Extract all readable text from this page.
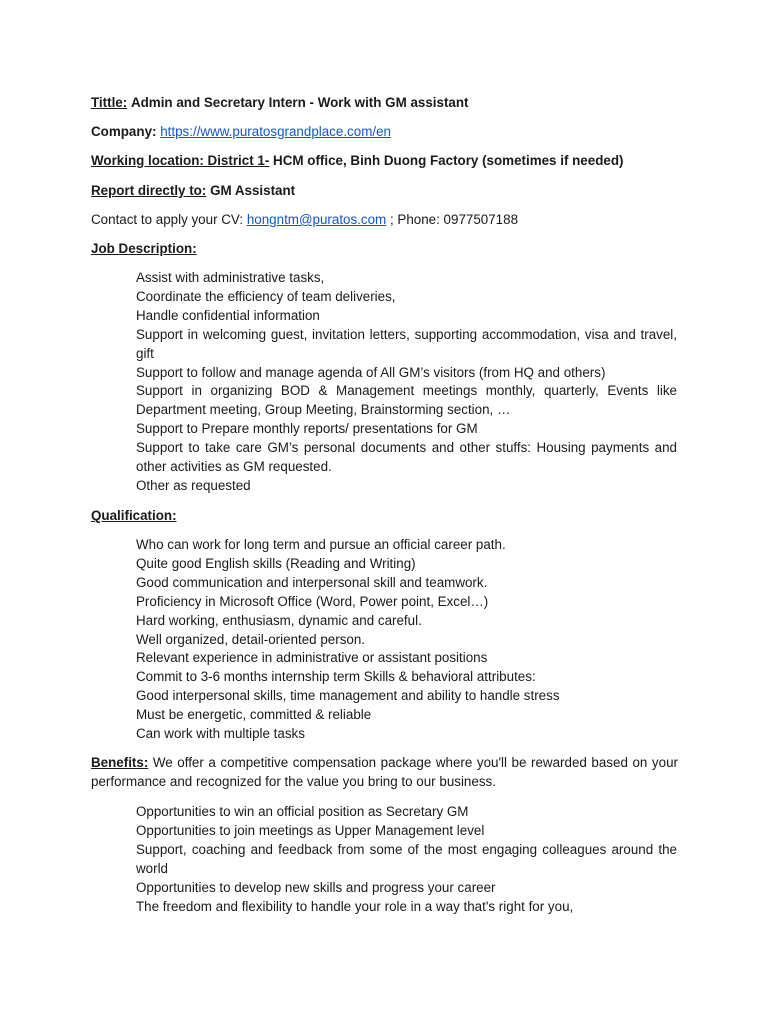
Tittle: Admin and Secretary Intern - Work with GM assistant
Company: https://www.puratosgrandplace.com/en
Working location: District 1- HCM office, Binh Duong Factory (sometimes if needed)
Report directly to: GM Assistant
Contact to apply your CV: hongntm@puratos.com ; Phone: 0977507188
Job Description:
Assist with administrative tasks,
Coordinate the efficiency of team deliveries,
Handle confidential information
Support in welcoming guest, invitation letters, supporting accommodation, visa and travel, gift
Support to follow and manage agenda of All GM’s visitors (from HQ and others)
Support in organizing BOD & Management meetings monthly, quarterly, Events like Department meeting, Group Meeting, Brainstorming section, …
Support to Prepare monthly reports/ presentations for GM
Support to take care GM’s personal documents and other stuffs: Housing payments and other activities as GM requested.
Other as requested
Qualification:
Who can work for long term and pursue an official career path.
Quite good English skills (Reading and Writing)
Good communication and interpersonal skill and teamwork.
Proficiency in Microsoft Office (Word, Power point, Excel…)
Hard working, enthusiasm, dynamic and careful.
Well organized, detail-oriented person.
Relevant experience in administrative or assistant positions
Commit to 3-6 months internship term Skills & behavioral attributes:
Good interpersonal skills, time management and ability to handle stress
Must be energetic, committed & reliable
Can work with multiple tasks
Benefits: We offer a competitive compensation package where you'll be rewarded based on your performance and recognized for the value you bring to our business.
Opportunities to win an official position as Secretary GM
Opportunities to join meetings as Upper Management level
Support, coaching and feedback from some of the most engaging colleagues around the world
Opportunities to develop new skills and progress your career
The freedom and flexibility to handle your role in a way that's right for you,
